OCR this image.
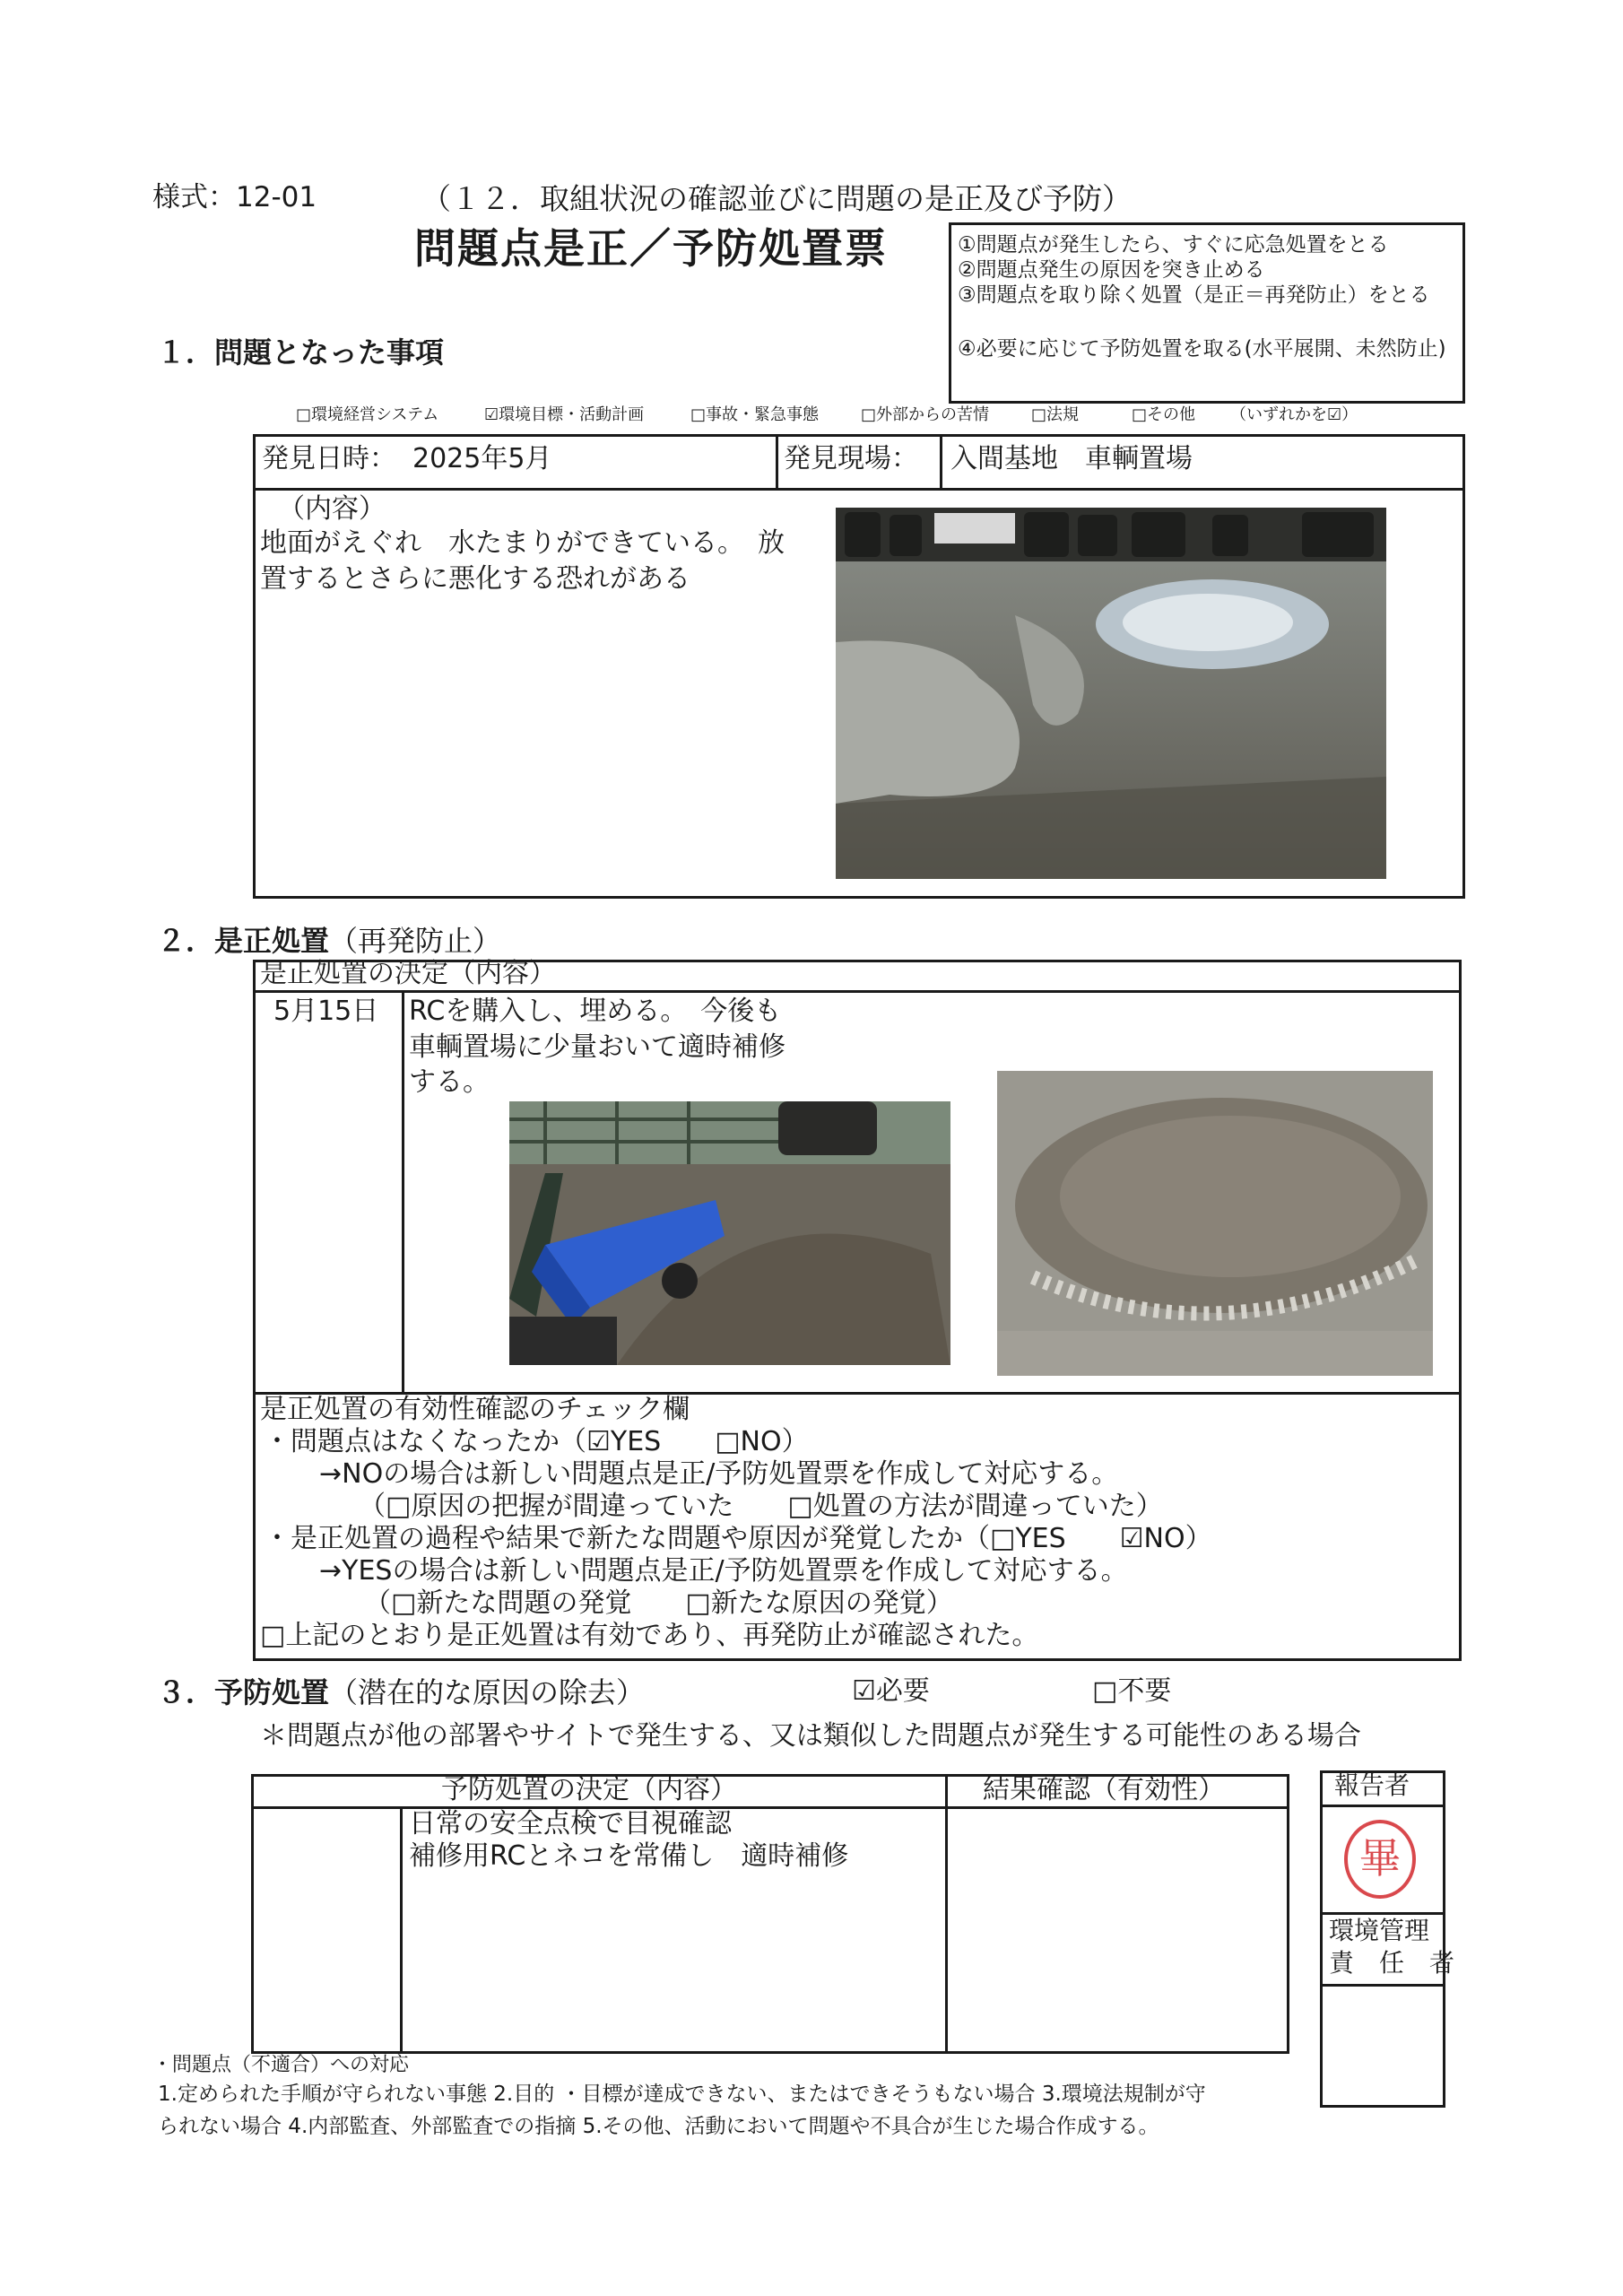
様式：12-01	（１２．取組状況の確認並びに問題の是正及び予防）
問題点是正／予防処置票	①問題点が発生したら、すぐに応急処置をとる
②問題点発生の原因を突き止める
③問題点を取り除く処置（是正＝再発防止）をとる
④必要に応じて予防処置を取る(水平展開、未然防止)
１．問題となった事項
□環境経営システム	☑環境目標・活動計画	□事故・緊急事態	□外部からの苦情	□法規	□その他 （いずれかを☑）
発見日時： 2025年5月	発見現場： 入間基地　車輌置場
（内容）
地面がえぐれ　水たまりができている。　放置するとさらに悪化する恐れがある
２．是正処置（再発防止）
是正処置の決定（内容）
5月15日 RCを購入し、埋める。　今後も車輌置場に少量おいて適時補修する。
是正処置の有効性確認のチェック欄
・問題点はなくなったか（☑YES　　□NO）
→NOの場合は新しい問題点是正/予防処置票を作成して対応する。
（□原因の把握が間違っていた　　□処置の方法が間違っていた）
・是正処置の過程や結果で新たな問題や原因が発覚したか（□YES　　☑NO）
→YESの場合は新しい問題点是正/予防処置票を作成して対応する。
（□新たな問題の発覚　　□新たな原因の発覚）
□上記のとおり是正処置は有効であり、再発防止が確認された。
３．予防処置（潜在的な原因の除去）	☑必要	□不要
＊問題点が他の部署やサイトで発生する、又は類似した問題点が発生する可能性のある場合
予防処置の決定（内容）	結果確認（有効性）
日常の安全点検で目視確認
補修用RCとネコを常備し　適時補修
報告者
畢
環境管理
責　任　者
・問題点（不適合）への対応
1.定められた手順が守られない事態 2.目的 ・目標が達成できない、またはできそうもない場合 3.環境法規制が守
られない場合 4.内部監査、外部監査での指摘 5.その他、活動において問題や不具合が生じた場合作成する。
